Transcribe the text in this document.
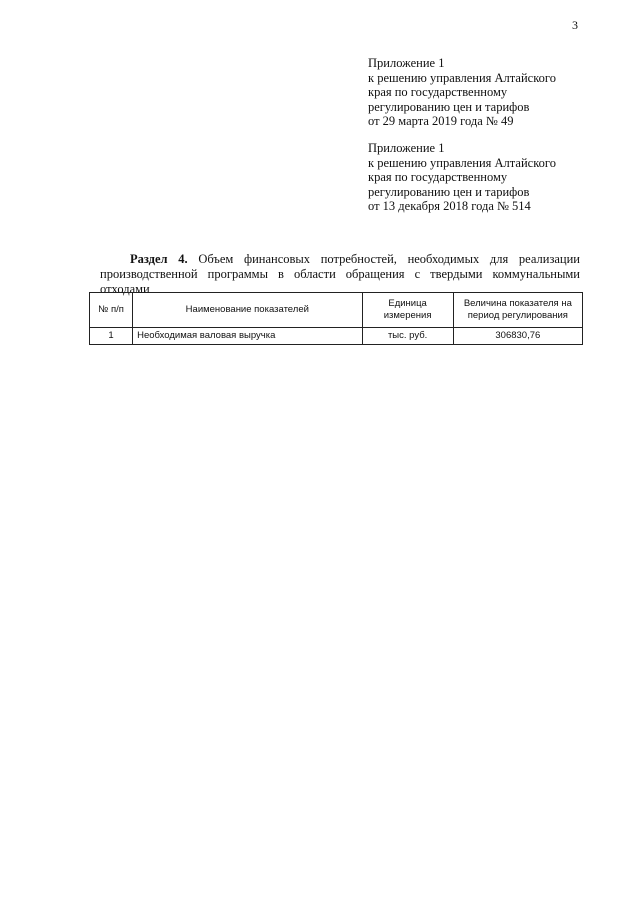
3
Приложение 1
к решению управления Алтайского
края по государственному
регулированию цен и тарифов
от 29 марта 2019 года № 49
Приложение 1
к решению управления Алтайского
края по государственному
регулированию цен и тарифов
от 13 декабря 2018 года № 514
Раздел 4. Объем финансовых потребностей, необходимых для реализации производственной программы в области обращения с твердыми коммунальными отходами
№ п/п	Наименование показателей	Единица измерения	Величина показателя на период регулирования
1	Необходимая валовая выручка	тыс. руб.	306830,76
